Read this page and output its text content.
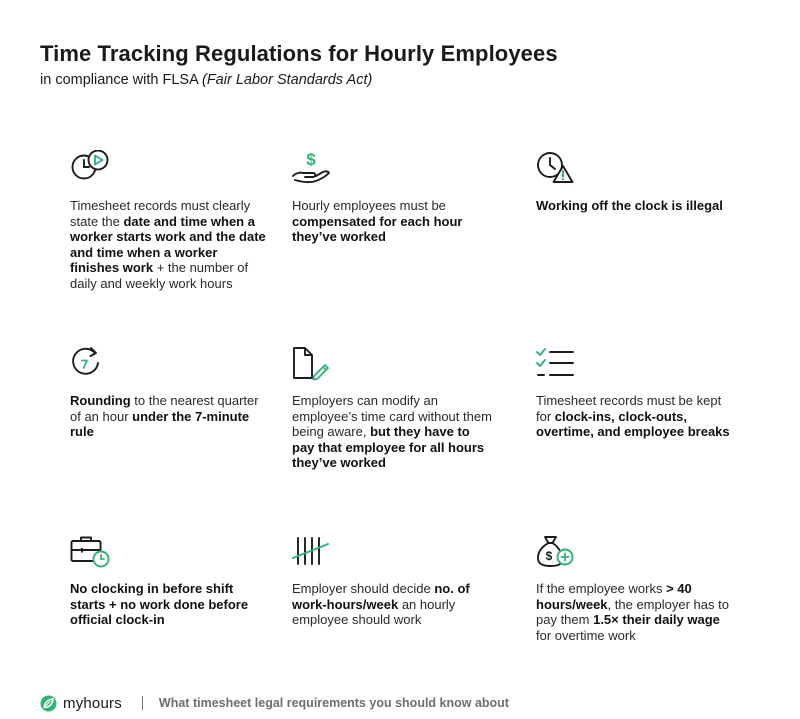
Time Tracking Regulations for Hourly Employees

in compliance with FLSA (Fair Labor Standards Act)

Timesheet records must clearly state the date and time when a worker starts work and the date and time when a worker finishes work + the number of daily and weekly work hours
$
Hourly employees must be compensated for each hour they’ve worked
Working off the clock is illegal
Rounding to the nearest quarter of an hour under the 7-minute rule
Employers can modify an employee’s time card without them being aware, but they have to pay that employee for all hours they’ve worked
Timesheet records must be kept for clock-ins, clock-outs, overtime, and employee breaks
No clocking in before shift starts + no work done before official clock-in
Employer should decide no. of work-hours/week an hourly employee should work
$
If the employee works > 40 hours/week, the employer has to pay them 1.5× their daily wage for overtime work
myhours	What timesheet legal requirements you should know about
